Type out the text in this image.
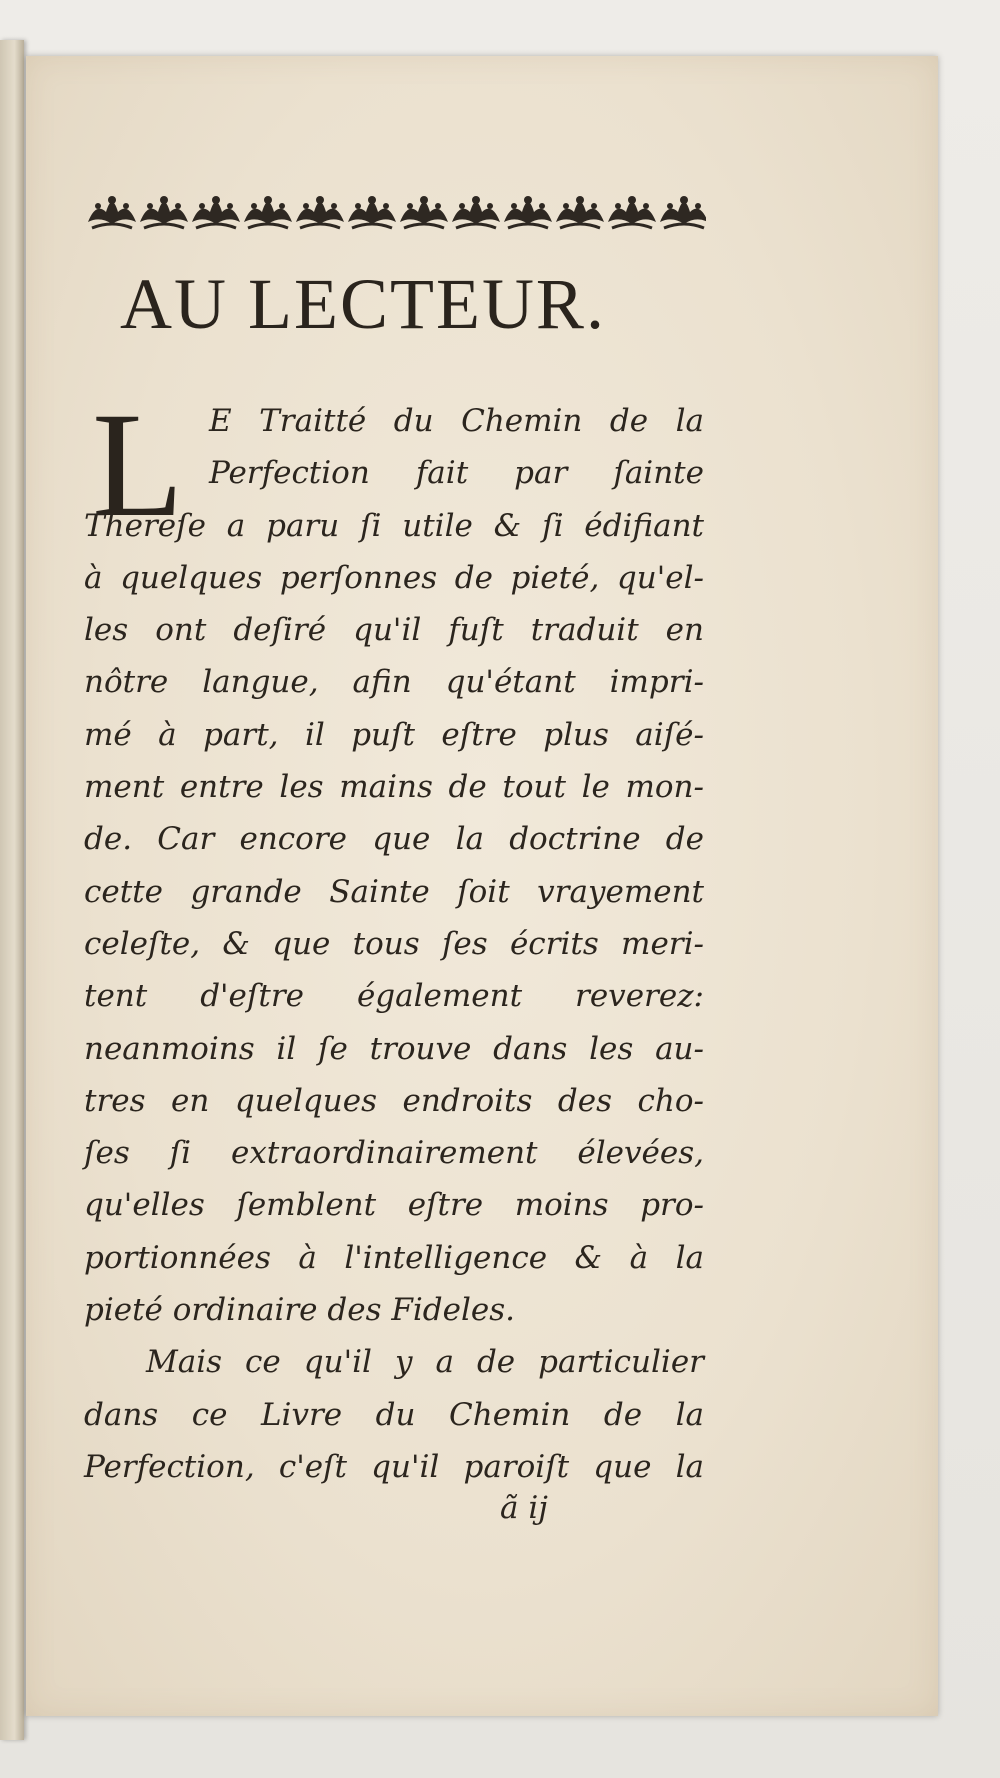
AU LECTEUR.
L E Traitté du Chemin de la
Perfection fait par ſainte
Thereſe a paru ſi utile & ſi édifiant
à quelques perſonnes de pieté, qu'el-
les ont deſiré qu'il fuſt traduit en
nôtre langue, afin qu'étant impri-
mé à part, il puſt eſtre plus aiſé-
ment entre les mains de tout le mon-
de. Car encore que la doctrine de
cette grande Sainte ſoit vrayement
celeſte, & que tous ſes écrits meri-
tent d'eſtre également reverez:
neanmoins il ſe trouve dans les au-
tres en quelques endroits des cho-
ſes ſi extraordinairement élevées,
qu'elles ſemblent eſtre moins pro-
portionnées à l'intelligence & à la
pieté ordinaire des Fideles.
Mais ce qu'il y a de particulier
dans ce Livre du Chemin de la
Perfection, c'eſt qu'il paroiſt que la
ã ij
